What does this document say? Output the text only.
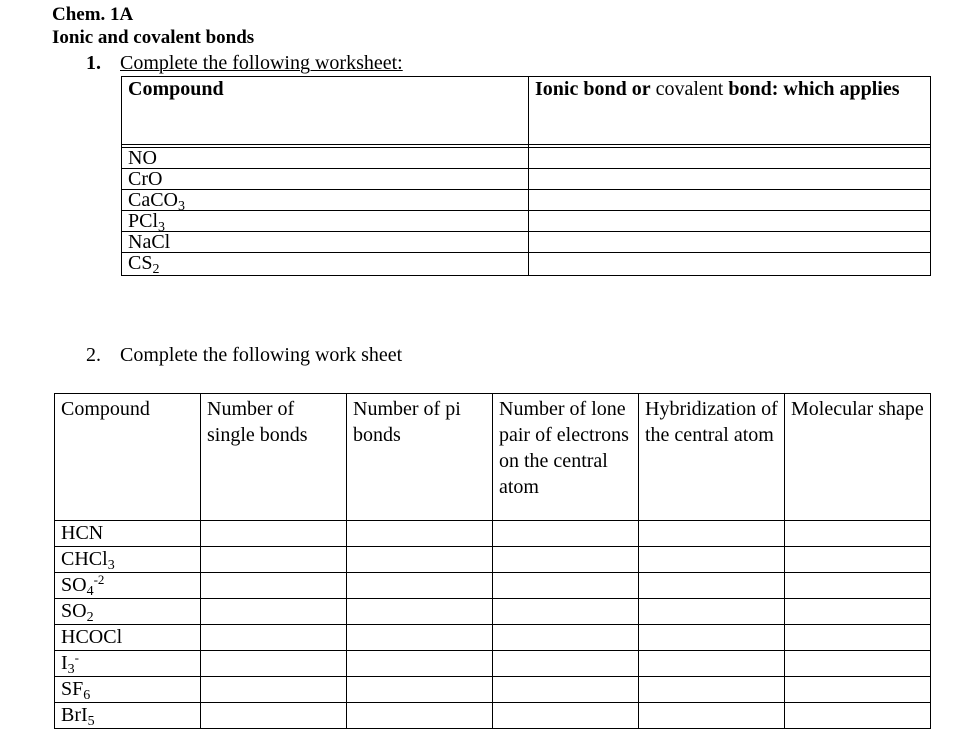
Chem. 1A
Ionic and covalent bonds
1. Complete the following worksheet:
Compound	Ionic bond or covalent bond: which applies

NO	
CrO	
CaCO$_3$	
PCl$_3$	
NaCl	
$CS_2$	
2. Complete the following work sheet
Compound	Number of single bonds	Number of pi bonds	Number of lone pair of electrons on the central atom	Hybridization of the central atom	Molecular shape
HCN					
CHCl$_3$					
$SO_4^{-2}$					
$SO_2$					
HCOCl					
$I_3^-$					
$SF_6$					
BrI$_5$					
